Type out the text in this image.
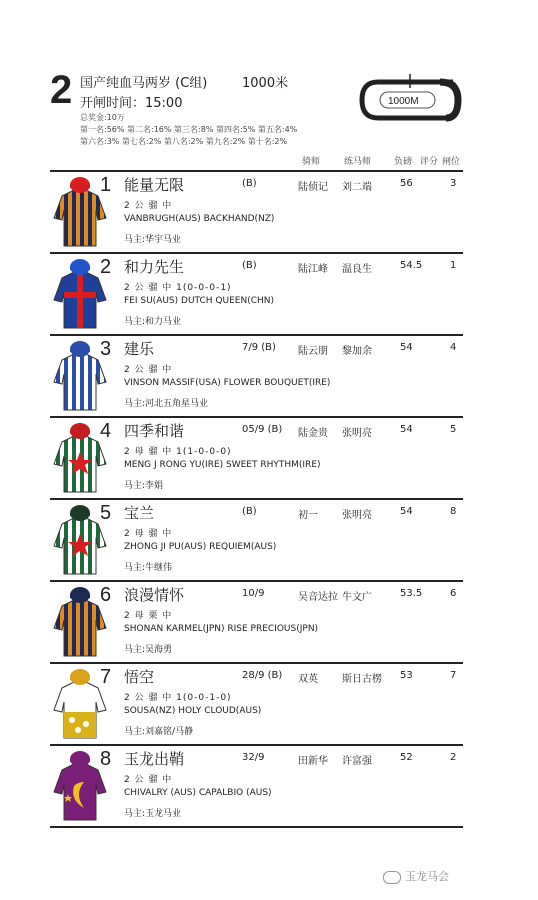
2 国产纯血马两岁 (C组)	1000米
开闸时间：15:00
总奖金:10万
第一名:56% 第二名:16% 第三名:8% 第四名:5% 第五名:4%
第六名:3% 第七名:2% 第八名:2% 第九名:2% 第十名:2%
1000M
骑师	练马师	负磅 评分 闸位
1 能量无限	(B)	陆侦记 刘二端	56	3
2 公 骝 中
VANBRUGH(AUS) BACKHAND(NZ)
马主:华宇马业
2 和力先生	(B)	陆江峰 温良生	54.5	1
2 公 骝 中 1(0-0-0-1)
FEI SU(AUS) DUTCH QUEEN(CHN)
马主:和力马业
3 建乐	7/9 (B) 陆云朋 黎加余	54	4
2 公 骝 中
VINSON MASSIF(USA) FLOWER BOUQUET(IRE)
马主:河北五角星马业
4 四季和谐	05/9 (B) 陆金贵 张明亮	54	5
2 母 骝 中 1(1-0-0-0)
MENG J RONG YU(IRE) SWEET RHYTHM(IRE)
马主:李娟
5 宝兰	(B)	初一 张明亮	54	8
2 母 骝 中
ZHONG JI PU(AUS) REQUIEM(AUS)
马主:牛继伟
6 浪漫情怀	10/9	吴音达拉 牛文广	53.5	6
2 母 栗 中
SHONAN KARMEL(JPN) RISE PRECIOUS(JPN)
马主:吴海勇
7 悟空	28/9 (B) 双英 斯日古楞 53	7
2 公 骝 中 1(0-0-1-0)
SOUSA(NZ) HOLY CLOUD(AUS)
马主:刘嘉铭/马静
8 玉龙出鞘	32/9	田新华 许富强	52	2
2 公 骝 中
CHIVALRY (AUS) CAPALBIO (AUS)
马主:玉龙马业
玉龙马会
